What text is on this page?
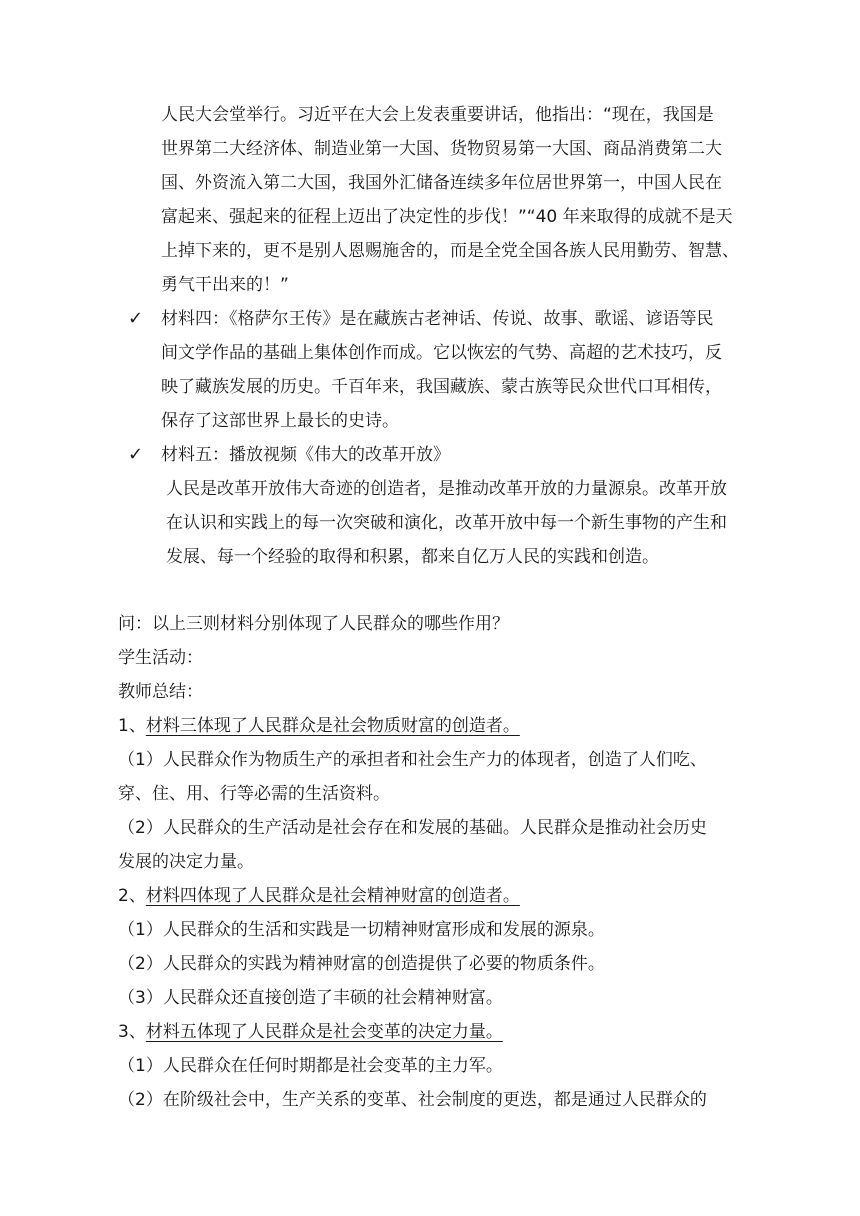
人民大会堂举行。习近平在大会上发表重要讲话，他指出：“现在，我国是
世界第二大经济体、制造业第一大国、货物贸易第一大国、商品消费第二大
国、外资流入第二大国，我国外汇储备连续多年位居世界第一，中国人民在
富起来、强起来的征程上迈出了决定性的步伐！”“40 年来取得的成就不是天
上掉下来的，更不是别人恩赐施舍的，而是全党全国各族人民用勤劳、智慧、
勇气干出来的！”
✓ 材料四：《格萨尔王传》是在藏族古老神话、传说、故事、歌谣、谚语等民
间文学作品的基础上集体创作而成。它以恢宏的气势、高超的艺术技巧，反
映了藏族发展的历史。千百年来，我国藏族、蒙古族等民众世代口耳相传，
保存了这部世界上最长的史诗。
✓ 材料五：播放视频《伟大的改革开放》
人民是改革开放伟大奇迹的创造者，是推动改革开放的力量源泉。改革开放
在认识和实践上的每一次突破和演化，改革开放中每一个新生事物的产生和
发展、每一个经验的取得和积累，都来自亿万人民的实践和创造。
问：以上三则材料分别体现了人民群众的哪些作用？
学生活动：
教师总结：
1、材料三体现了人民群众是社会物质财富的创造者。
（1）人民群众作为物质生产的承担者和社会生产力的体现者，创造了人们吃、
穿、住、用、行等必需的生活资料。
（2）人民群众的生产活动是社会存在和发展的基础。人民群众是推动社会历史
发展的决定力量。
2、材料四体现了人民群众是社会精神财富的创造者。
（1）人民群众的生活和实践是一切精神财富形成和发展的源泉。
（2）人民群众的实践为精神财富的创造提供了必要的物质条件。
（3）人民群众还直接创造了丰硕的社会精神财富。
3、材料五体现了人民群众是社会变革的决定力量。
（1）人民群众在任何时期都是社会变革的主力军。
（2）在阶级社会中，生产关系的变革、社会制度的更迭，都是通过人民群众的
